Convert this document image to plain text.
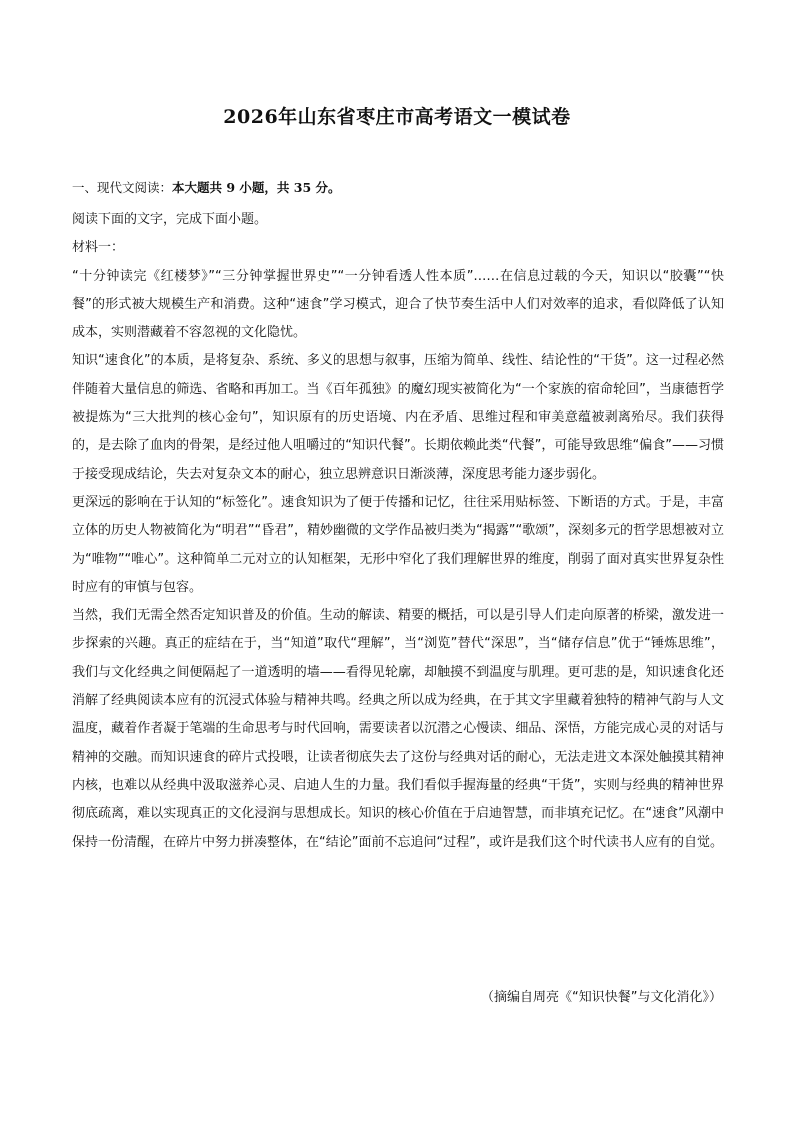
2026年山东省枣庄市高考语文一模试卷
一、现代文阅读：本大题共 9 小题，共 35 分。

阅读下面的文字，完成下面小题。

材料一：

“十分钟读完《红楼梦》”“三分钟掌握世界史”“一分钟看透人性本质”……在信息过载的今天，知识以“胶囊”“快餐”的形式被大规模生产和消费。这种“速食”学习模式，迎合了快节奏生活中人们对效率的追求，看似降低了认知成本，实则潜藏着不容忽视的文化隐忧。

知识“速食化”的本质，是将复杂、系统、多义的思想与叙事，压缩为简单、线性、结论性的“干货”。这一过程必然伴随着大量信息的筛选、省略和再加工。当《百年孤独》的魔幻现实被简化为“一个家族的宿命轮回”，当康德哲学被提炼为“三大批判的核心金句”，知识原有的历史语境、内在矛盾、思维过程和审美意蕴被剥离殆尽。我们获得的，是去除了血肉的骨架，是经过他人咀嚼过的“知识代餐”。长期依赖此类“代餐”，可能导致思维“偏食”——习惯于接受现成结论，失去对复杂文本的耐心，独立思辨意识日渐淡薄，深度思考能力逐步弱化。

更深远的影响在于认知的“标签化”。速食知识为了便于传播和记忆，往往采用贴标签、下断语的方式。于是，丰富立体的历史人物被简化为“明君”“昏君”，精妙幽微的文学作品被归类为“揭露”“歌颂”，深刻多元的哲学思想被对立为“唯物”“唯心”。这种简单二元对立的认知框架，无形中窄化了我们理解世界的维度，削弱了面对真实世界复杂性时应有的审慎与包容。

当然，我们无需全然否定知识普及的价值。生动的解读、精要的概括，可以是引导人们走向原著的桥梁，激发进一步探索的兴趣。真正的症结在于，当“知道”取代“理解”，当“浏览”替代“深思”，当“储存信息”优于“锤炼思维”，我们与文化经典之间便隔起了一道透明的墙——看得见轮廓，却触摸不到温度与肌理。更可悲的是，知识速食化还消解了经典阅读本应有的沉浸式体验与精神共鸣。经典之所以成为经典，在于其文字里藏着独特的精神气韵与人文温度，藏着作者凝于笔端的生命思考与时代回响，需要读者以沉潜之心慢读、细品、深悟，方能完成心灵的对话与精神的交融。而知识速食的碎片式投喂，让读者彻底失去了这份与经典对话的耐心，无法走进文本深处触摸其精神内核，也难以从经典中汲取滋养心灵、启迪人生的力量。我们看似手握海量的经典“干货”，实则与经典的精神世界彻底疏离，难以实现真正的文化浸润与思想成长。知识的核心价值在于启迪智慧，而非填充记忆。在“速食”风潮中保持一份清醒，在碎片中努力拼凑整体，在“结论”面前不忘追问“过程”，或许是我们这个时代读书人应有的自觉。

（摘编自周亮《“知识快餐”与文化消化》）
